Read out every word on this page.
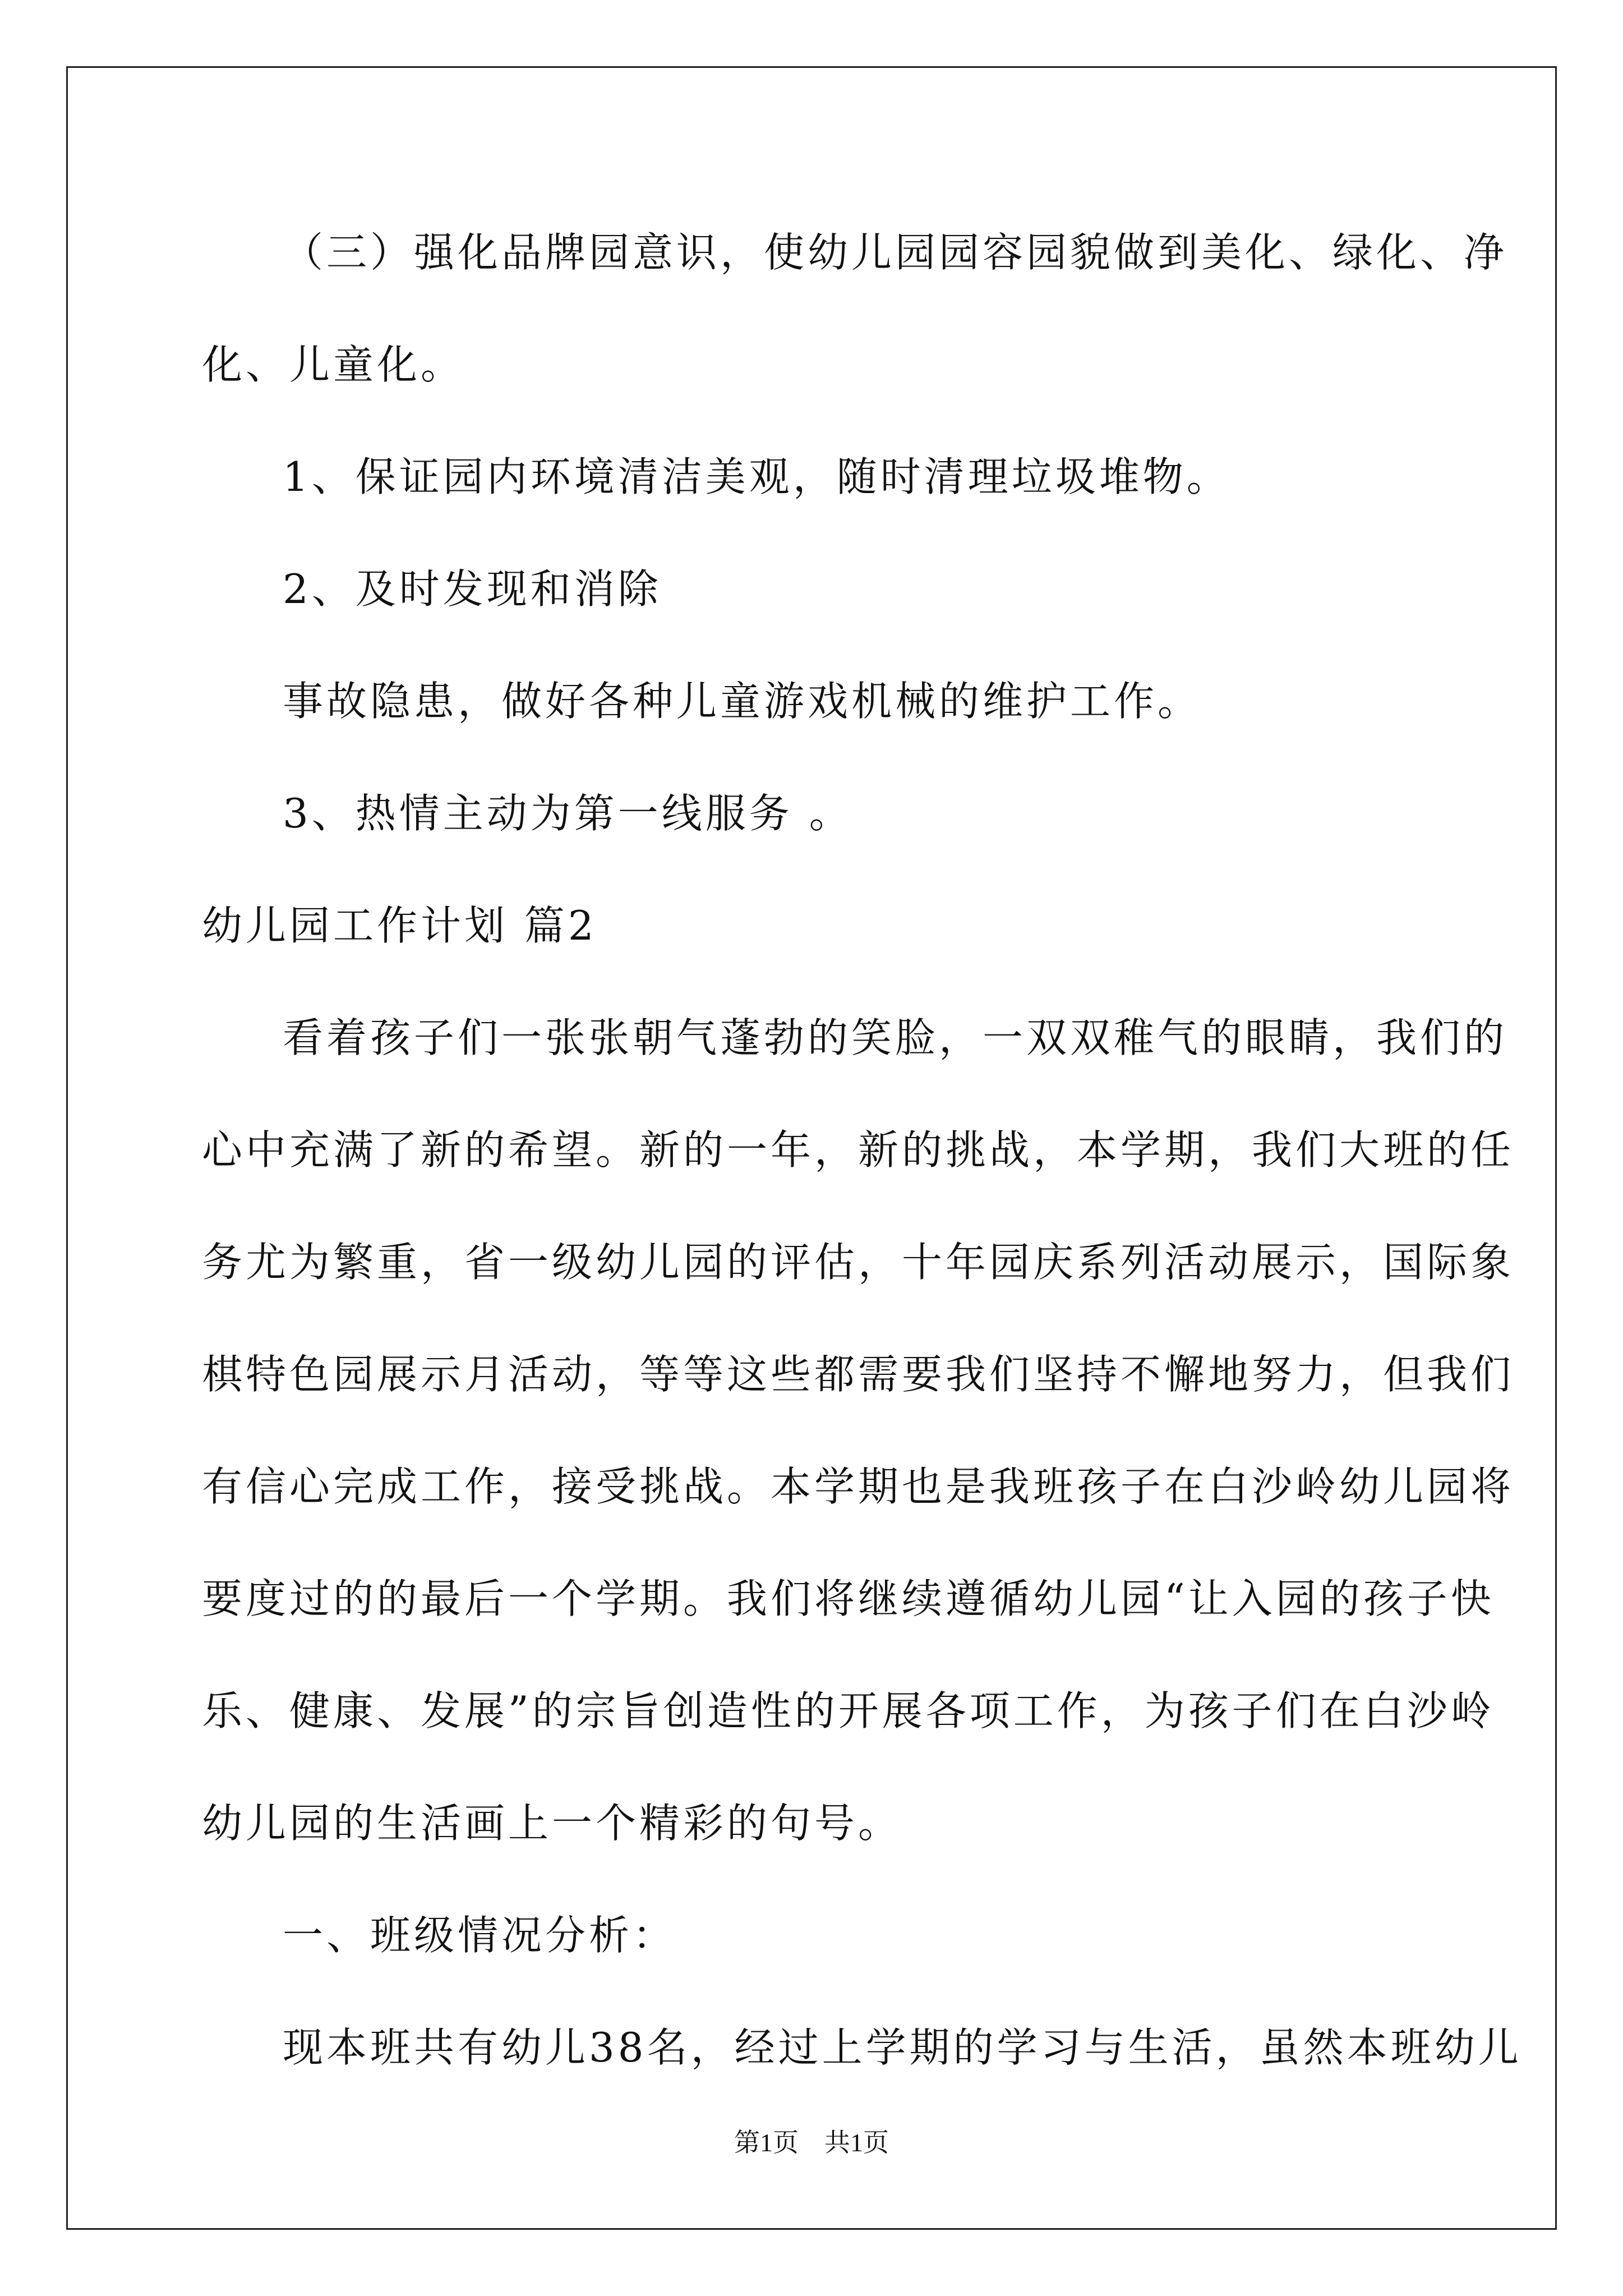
（三）强化品牌园意识，使幼儿园园容园貌做到美化、绿化、净
化、儿童化。
1、保证园内环境清洁美观，随时清理垃圾堆物。
2、及时发现和消除
事故隐患，做好各种儿童游戏机械的维护工作。
3、热情主动为第一线服务 。
幼儿园工作计划 篇2
看着孩子们一张张朝气蓬勃的笑脸，一双双稚气的眼睛，我们的
心中充满了新的希望。新的一年，新的挑战，本学期，我们大班的任
务尤为繁重，省一级幼儿园的评估，十年园庆系列活动展示，国际象
棋特色园展示月活动，等等这些都需要我们坚持不懈地努力，但我们
有信心完成工作，接受挑战。本学期也是我班孩子在白沙岭幼儿园将
要度过的的最后一个学期。我们将继续遵循幼儿园“让入园的孩子快
乐、健康、发展”的宗旨创造性的开展各项工作，为孩子们在白沙岭
幼儿园的生活画上一个精彩的句号。
一、班级情况分析：
现本班共有幼儿38名，经过上学期的学习与生活，虽然本班幼儿
第1页　共1页
